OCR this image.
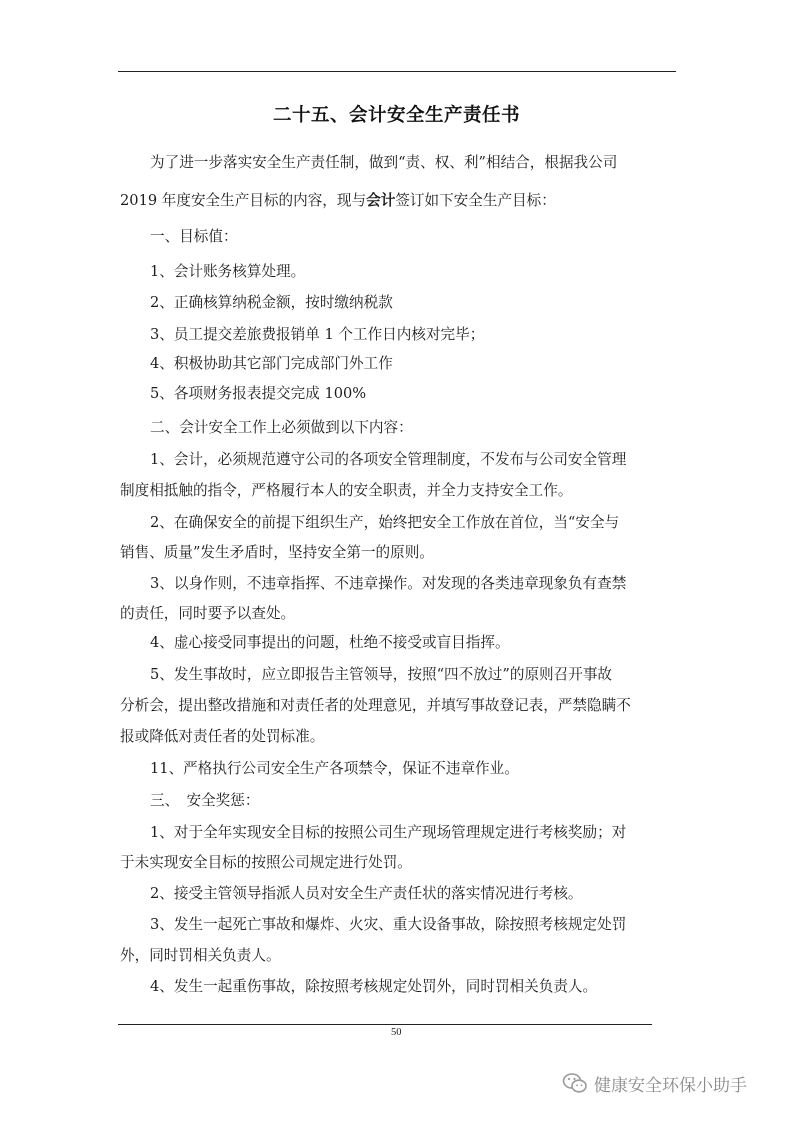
二十五、会计安全生产责任书
为了进一步落实安全生产责任制，做到“责、权、利”相结合，根据我公司
2019 年度安全生产目标的内容，现与会计签订如下安全生产目标：
一、目标值：
1、会计账务核算处理。
2、正确核算纳税金额，按时缴纳税款
3、员工提交差旅费报销单 1 个工作日内核对完毕；
4、积极协助其它部门完成部门外工作
5、各项财务报表提交完成 100%
二、会计安全工作上必须做到以下内容：
1、会计，必须规范遵守公司的各项安全管理制度，不发布与公司安全管理
制度相抵触的指令，严格履行本人的安全职责，并全力支持安全工作。
2、在确保安全的前提下组织生产，始终把安全工作放在首位，当“安全与
销售、质量”发生矛盾时，坚持安全第一的原则。
3、以身作则，不违章指挥、不违章操作。对发现的各类违章现象负有查禁
的责任，同时要予以查处。
4、虚心接受同事提出的问题，杜绝不接受或盲目指挥。
5、发生事故时，应立即报告主管领导，按照“四不放过”的原则召开事故
分析会，提出整改措施和对责任者的处理意见，并填写事故登记表，严禁隐瞒不
报或降低对责任者的处罚标准。
11、严格执行公司安全生产各项禁令，保证不违章作业。
三、　安全奖惩：
1、对于全年实现安全目标的按照公司生产现场管理规定进行考核奖励；对
于未实现安全目标的按照公司规定进行处罚。
2、接受主管领导指派人员对安全生产责任状的落实情况进行考核。
3、发生一起死亡事故和爆炸、火灾、重大设备事故，除按照考核规定处罚
外，同时罚相关负责人。
4、发生一起重伤事故，除按照考核规定处罚外，同时罚相关负责人。
50
健康安全环保小助手
